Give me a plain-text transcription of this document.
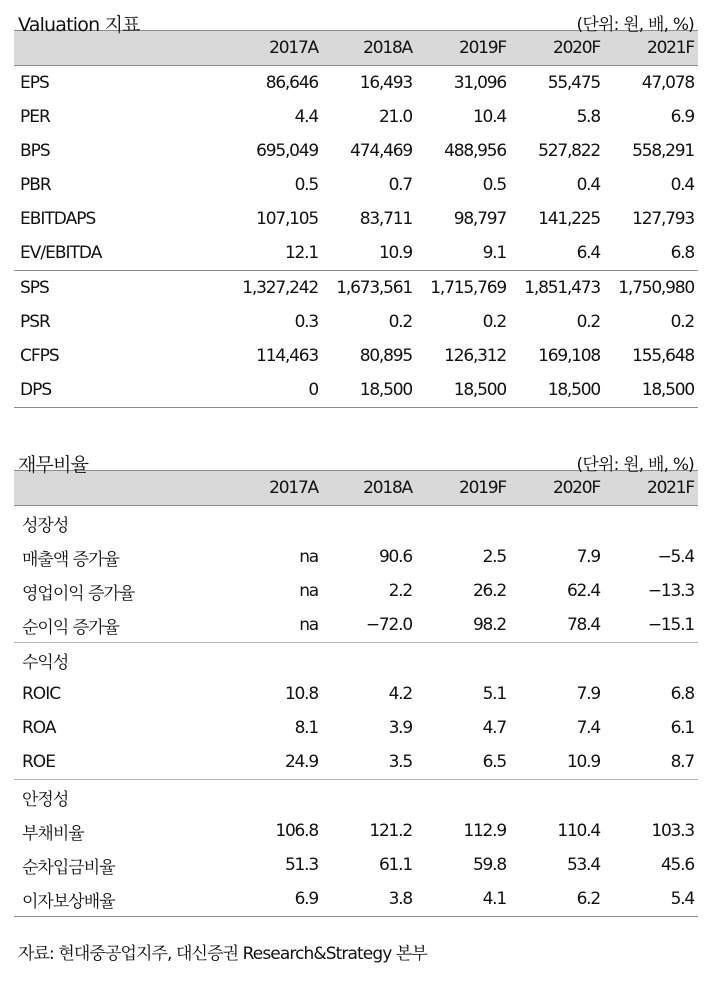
Valuation 지표	(단위: 원, 배, %)
2017A	2018A	2019F	2020F	2021F
EPS	86,646	16,493	31,096	55,475	47,078
PER	4.4	21.0	10.4	5.8	6.9
BPS	695,049	474,469	488,956	527,822	558,291
PBR	0.5	0.7	0.5	0.4	0.4
EBITDAPS	107,105	83,711	98,797	141,225	127,793
EV/EBITDA	12.1	10.9	9.1	6.4	6.8
SPS	1,327,242	1,673,561	1,715,769	1,851,473	1,750,980
PSR	0.3	0.2	0.2	0.2	0.2
CFPS	114,463	80,895	126,312	169,108	155,648
DPS	0	18,500	18,500	18,500	18,500
재무비율	(단위: 원, 배, %)
2017A	2018A	2019F	2020F	2021F
성장성
매출액 증가율	na	90.6	2.5	7.9	−5.4
영업이익 증가율	na	2.2	26.2	62.4	−13.3
순이익 증가율	na	−72.0	98.2	78.4	−15.1
수익성
ROIC	10.8	4.2	5.1	7.9	6.8
ROA	8.1	3.9	4.7	7.4	6.1
ROE	24.9	3.5	6.5	10.9	8.7
안정성
부채비율	106.8	121.2	112.9	110.4	103.3
순차입금비율	51.3	61.1	59.8	53.4	45.6
이자보상배율	6.9	3.8	4.1	6.2	5.4
자료: 현대중공업지주, 대신증권 Research&Strategy 본부
